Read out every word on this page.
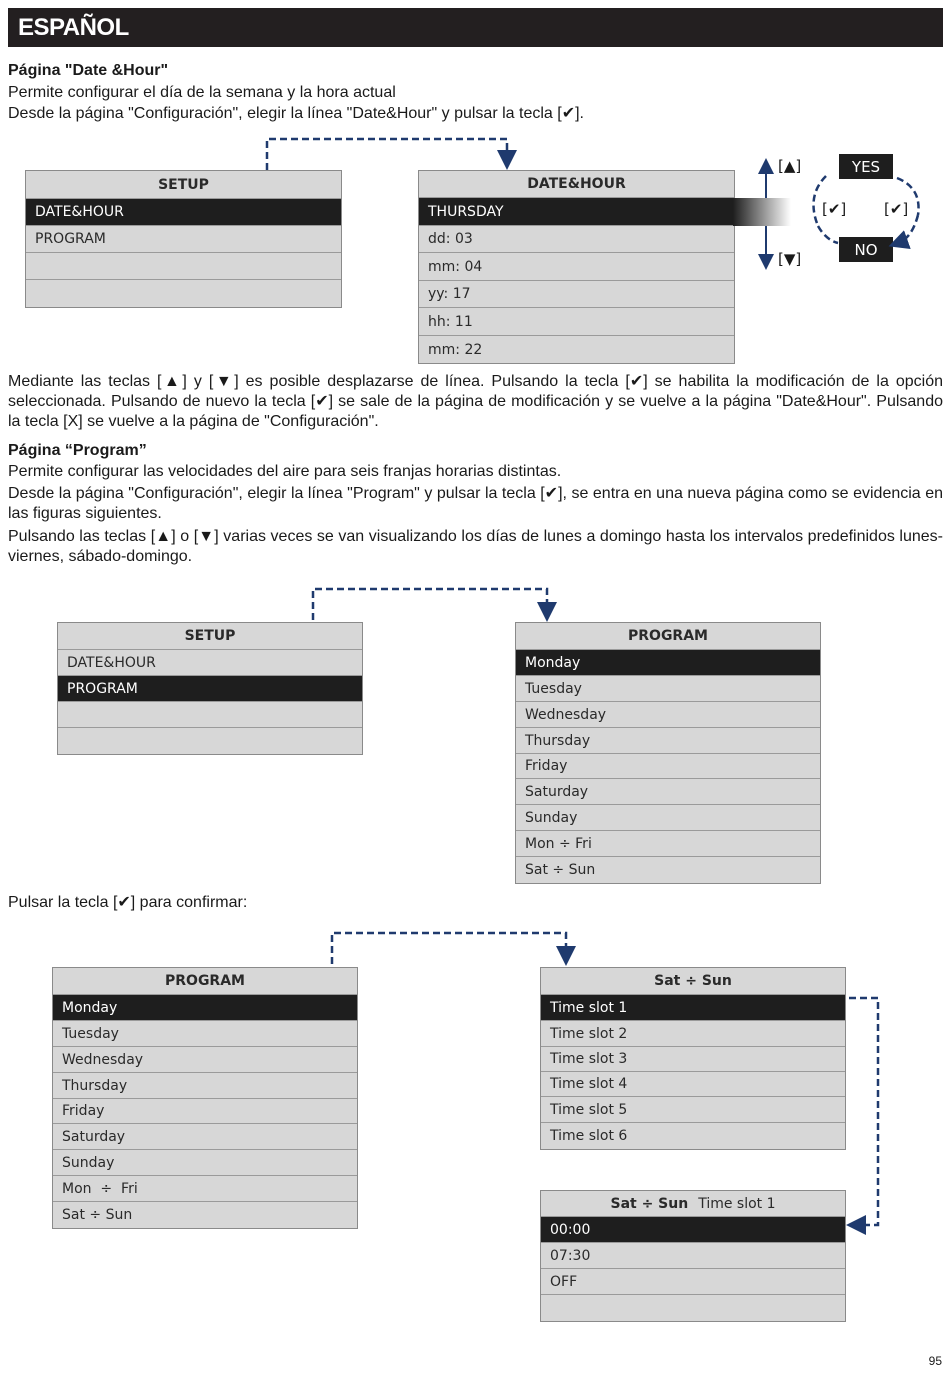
ESPAÑOL

Página "Date &Hour"

Permite configurar el día de la semana y la hora actual

Desde la página "Configuración", elegir la línea "Date&Hour" y pulsar la tecla [✔].

SETUP
DATE&HOUR
PROGRAM
DATE&HOUR
THURSDAY
dd: 03
mm: 04
yy: 17
hh: 11
mm: 22
[▲]
[▼]
[✔]	[✔]
YES
NO

Mediante las teclas [▲] y [▼] es posible desplazarse de línea. Pulsando la tecla [✔] se habilita la modificación de la opción seleccionada. Pulsando de nuevo la tecla [✔] se sale de la página de modificación y se vuelve a la página "Date&Hour". Pulsando la tecla [X] se vuelve a la página de "Configuración".

Página “Program”

Permite configurar las velocidades del aire para seis franjas horarias distintas.

Desde la página "Configuración", elegir la línea "Program" y pulsar la tecla [✔], se entra en una nueva página como se evidencia en las figuras siguientes.

Pulsando las teclas [▲] o [▼] varias veces se van visualizando los días de lunes a domingo hasta los intervalos predefinidos lunes-viernes, sábado-domingo.

SETUP
DATE&HOUR
PROGRAM
PROGRAM
Monday
Tuesday
Wednesday
Thursday
Friday
Saturday
Sunday
Mon ÷ Fri
Sat ÷ Sun

Pulsar la tecla [✔] para confirmar:

PROGRAM
Monday
Tuesday
Wednesday
Thursday
Friday
Saturday
Sunday
Mon  ÷  Fri
Sat ÷ Sun
Sat ÷ Sun
Time slot 1
Time slot 2
Time slot 3
Time slot 4
Time slot 5
Time slot 6
Sat ÷ Sun Time slot 1
00:00
07:30
OFF
95
